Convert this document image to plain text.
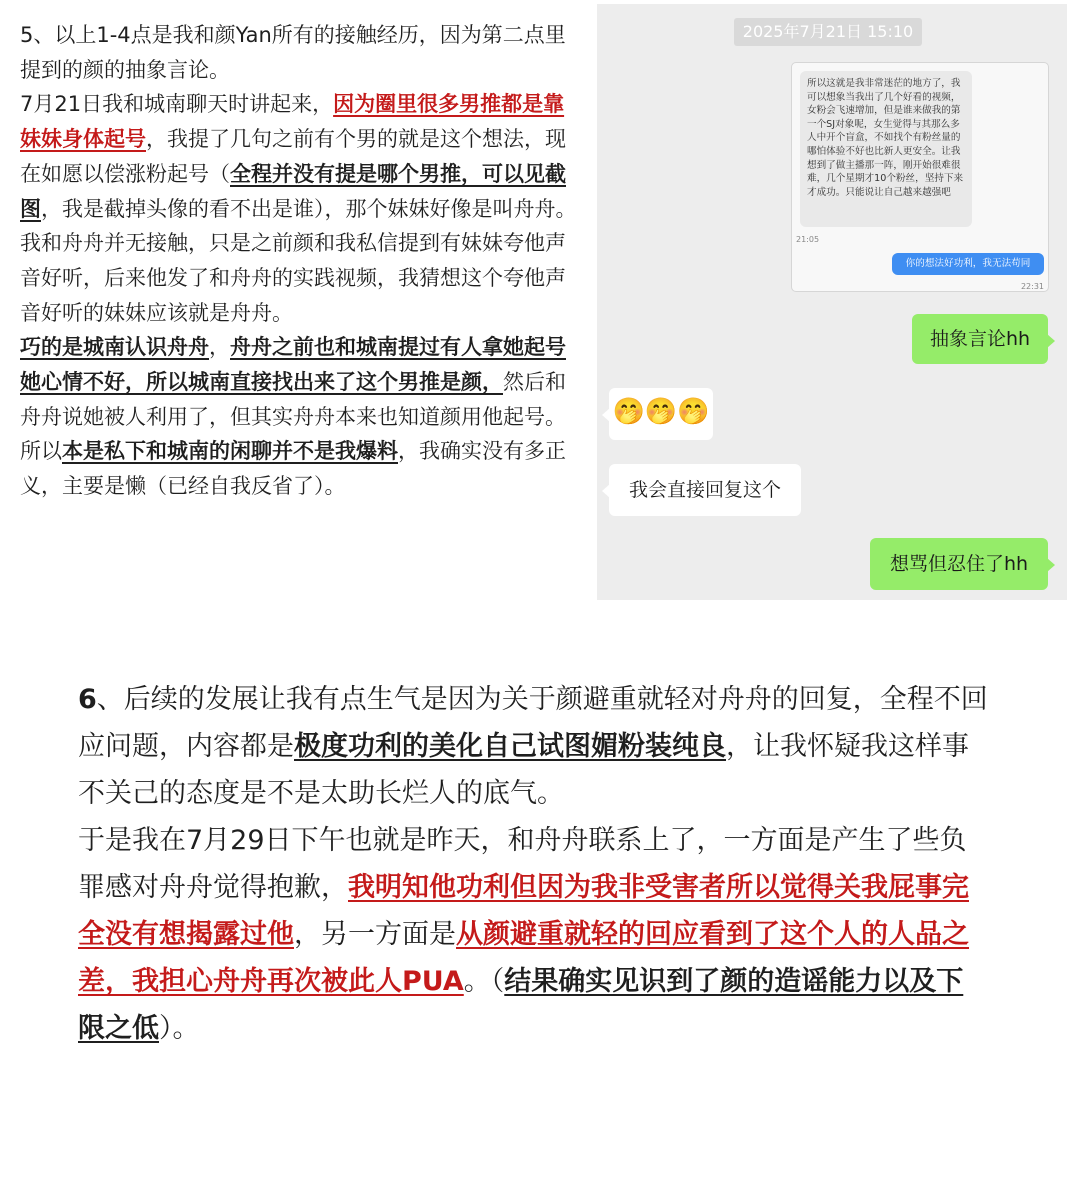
5、以上1-4点是我和颜Yan所有的接触经历，因为第二点里提到的颜的抽象言论。

7月21日我和城南聊天时讲起来，因为圈里很多男推都是靠妹妹身体起号，我提了几句之前有个男的就是这个想法，现在如愿以偿涨粉起号（全程并没有提是哪个男推，可以见截图，我是截掉头像的看不出是谁），那个妹妹好像是叫舟舟。

我和舟舟并无接触，只是之前颜和我私信提到有妹妹夸他声音好听，后来他发了和舟舟的实践视频，我猜想这个夸他声音好听的妹妹应该就是舟舟。

巧的是城南认识舟舟，舟舟之前也和城南提过有人拿她起号她心情不好，所以城南直接找出来了这个男推是颜，然后和舟舟说她被人利用了，但其实舟舟本来也知道颜用他起号。

所以本是私下和城南的闲聊并不是我爆料，我确实没有多正义，主要是懒（已经自我反省了）。

2025年7月21日 15:10
所以这就是我非常迷茫的地方了，我可以想象当我出了几个好看的视频，女粉会飞速增加，但是谁来做我的第一个SJ对象呢，女生觉得与其那么多人中开个盲盒，不如找个有粉丝量的哪怕体验不好也比新人更安全。让我想到了做主播那一阵，刚开始很难很难，几个星期才10个粉丝，坚持下来才成功。只能说让自己越来越强吧
21:05
你的想法好功利，我无法苟同
22:31
抽象言论hh
🤭🤭🤭
我会直接回复这个
想骂但忍住了hh

6、后续的发展让我有点生气是因为关于颜避重就轻对舟舟的回复，全程不回应问题，内容都是极度功利的美化自己试图媚粉装纯良，让我怀疑我这样事不关己的态度是不是太助长烂人的底气。

于是我在7月29日下午也就是昨天，和舟舟联系上了，一方面是产生了些负罪感对舟舟觉得抱歉，我明知他功利但因为我非受害者所以觉得关我屁事完全没有想揭露过他，另一方面是从颜避重就轻的回应看到了这个人的人品之差，我担心舟舟再次被此人PUA。（结果确实见识到了颜的造谣能力以及下限之低）。
